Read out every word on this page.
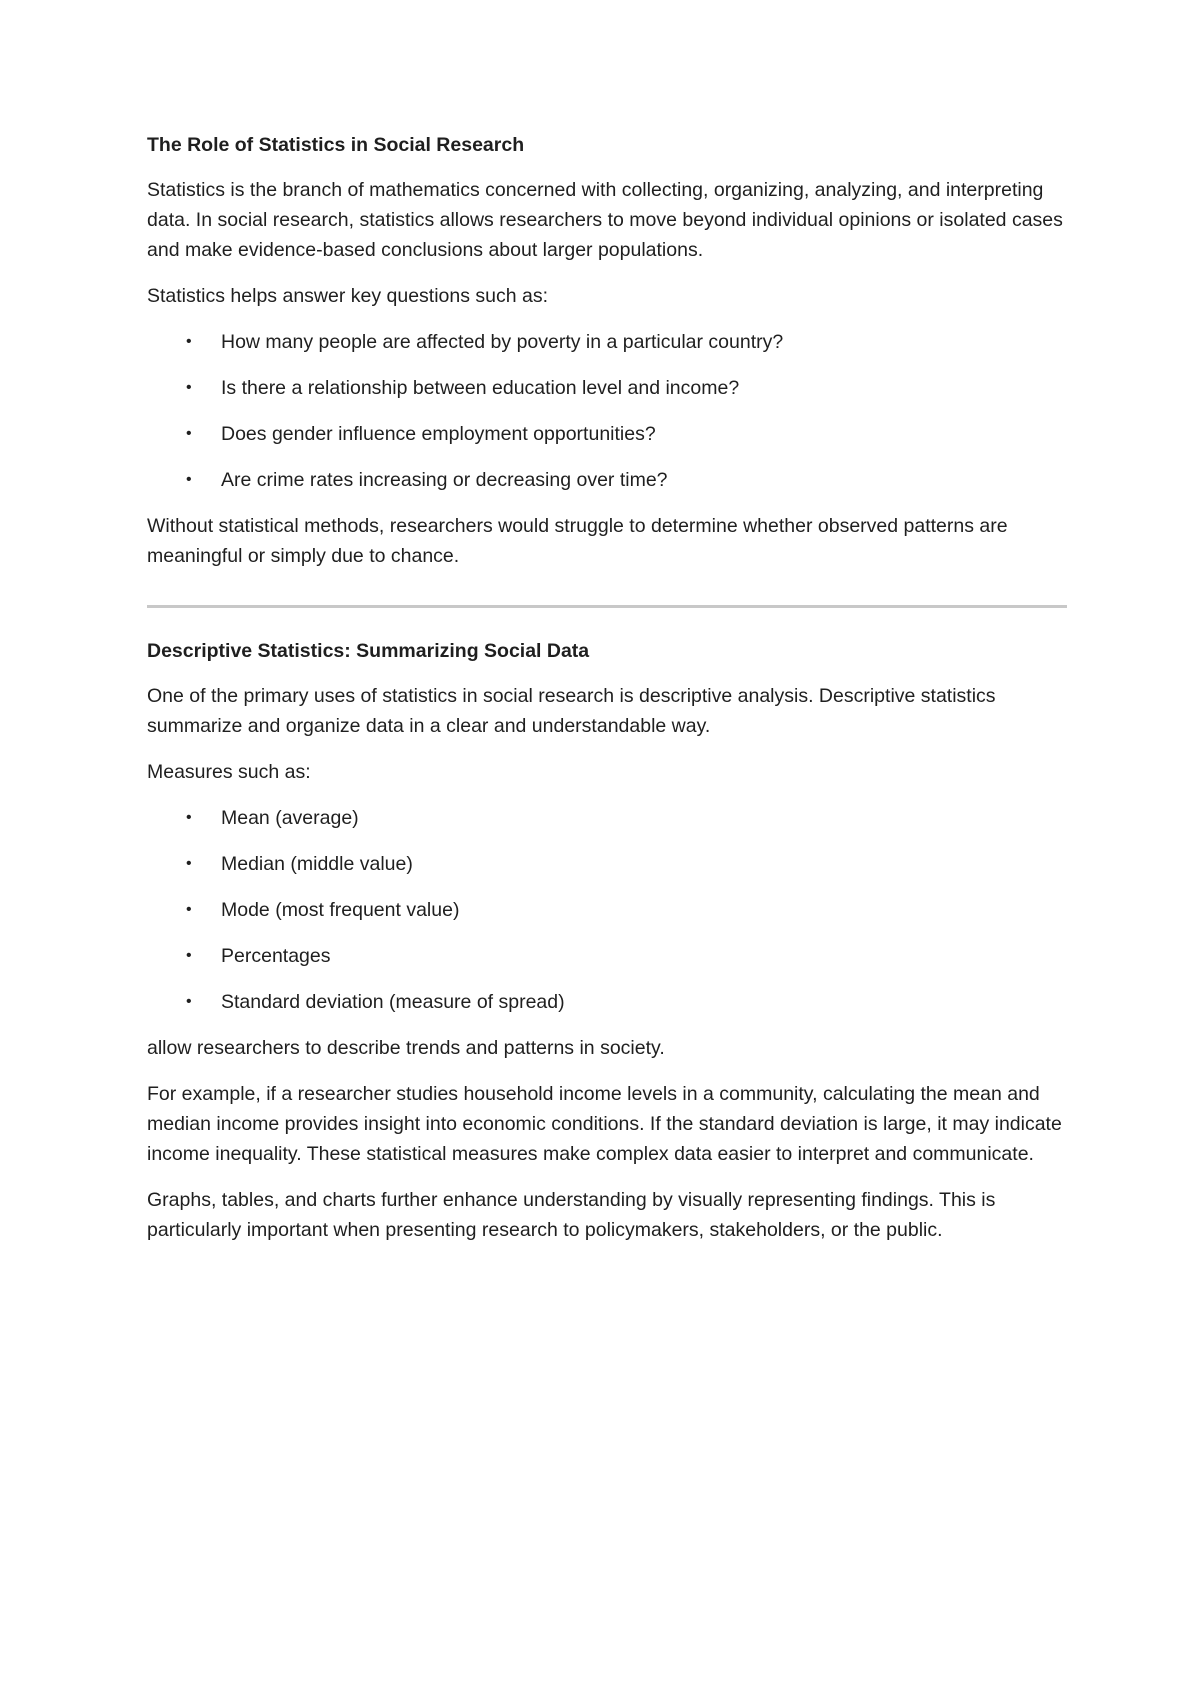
The Role of Statistics in Social Research

Statistics is the branch of mathematics concerned with collecting, organizing, analyzing, and interpreting data. In social research, statistics allows researchers to move beyond individual opinions or isolated cases and make evidence-based conclusions about larger populations.

Statistics helps answer key questions such as:

• How many people are affected by poverty in a particular country?
• Is there a relationship between education level and income?
• Does gender influence employment opportunities?
• Are crime rates increasing or decreasing over time?

Without statistical methods, researchers would struggle to determine whether observed patterns are meaningful or simply due to chance.

Descriptive Statistics: Summarizing Social Data

One of the primary uses of statistics in social research is descriptive analysis. Descriptive statistics summarize and organize data in a clear and understandable way.

Measures such as:

• Mean (average)
• Median (middle value)
• Mode (most frequent value)
• Percentages
• Standard deviation (measure of spread)

allow researchers to describe trends and patterns in society.

For example, if a researcher studies household income levels in a community, calculating the mean and median income provides insight into economic conditions. If the standard deviation is large, it may indicate income inequality. These statistical measures make complex data easier to interpret and communicate.

Graphs, tables, and charts further enhance understanding by visually representing findings. This is particularly important when presenting research to policymakers, stakeholders, or the public.
